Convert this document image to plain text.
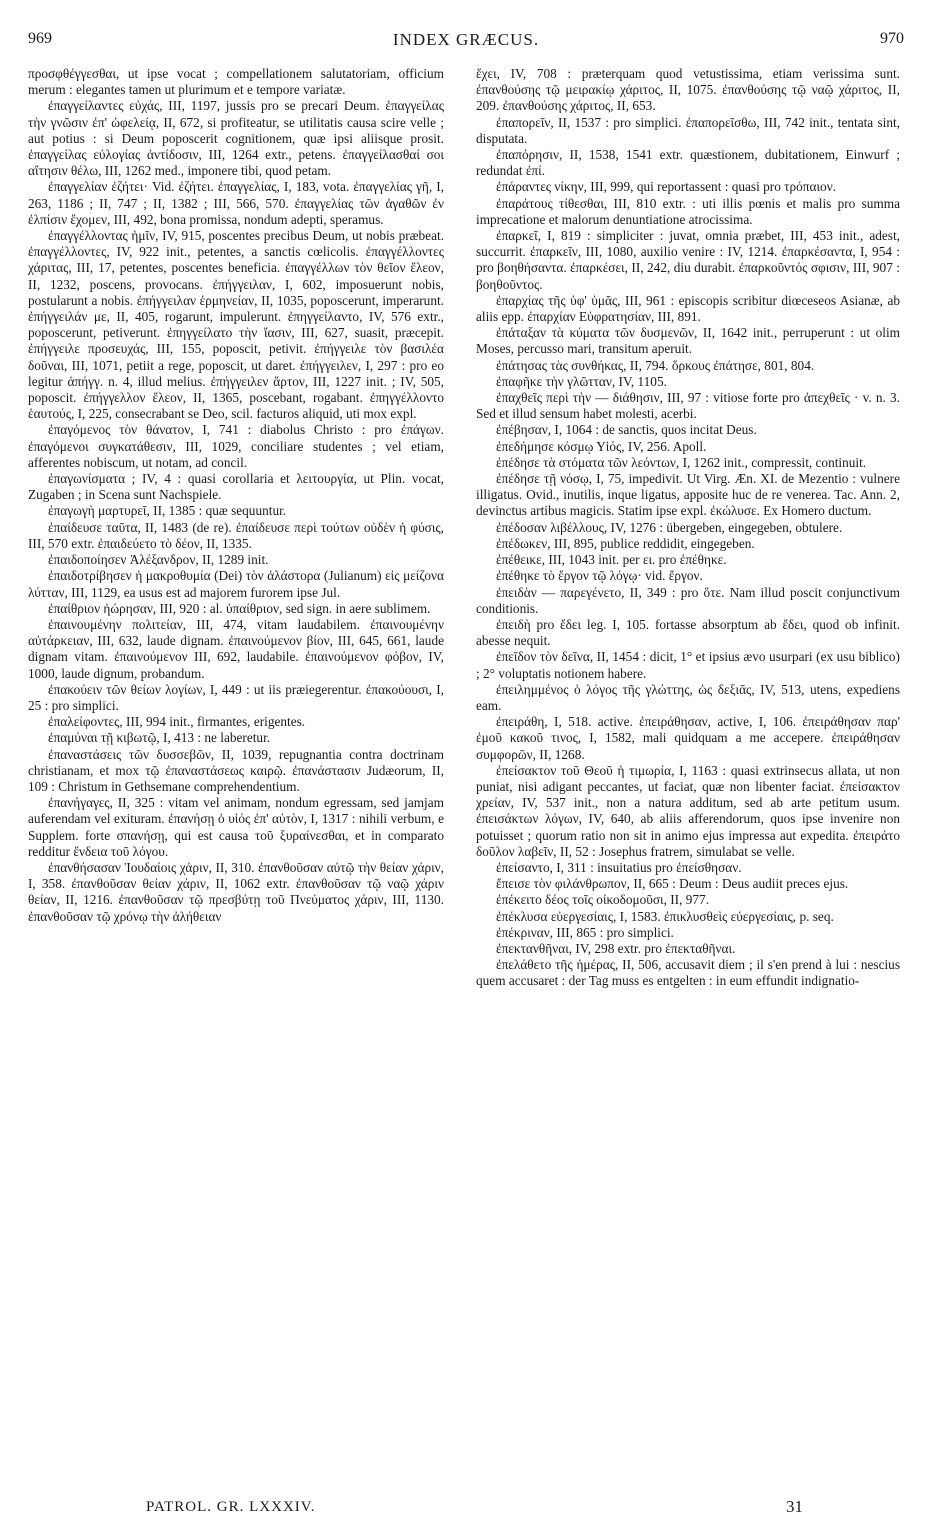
969	INDEX GRÆCUS.	970

προσφθέγγεσθαι, ut ipse vocat ; compellationem salutatoriam, officium merum : elegantes tamen ut plurimum et e tempore variatæ.

ἐπαγγείλαντες εὐχάς, III, 1197, jussis pro se precari Deum. ἐπαγγείλας τὴν γνῶσιν ἐπ' ὠφελείᾳ, II, 672, si profiteatur, se utilitatis causa scire velle ; aut potius : si Deum poposcerit cognitionem, quæ ipsi aliisque prosit. ἐπαγγείλας εὐλογίας ἀντίδοσιν, III, 1264 extr., petens. ἐπαγγείλασθαί σοι αἴτησιν θέλω, III, 1262 med., imponere tibi, quod petam.

ἐπαγγελίαν ἐζήτει· Vid. ἐζήτει. ἐπαγγελίας, I, 183, vota. ἐπαγγελίας γῆ, I, 263, 1186 ; II, 747 ; II, 1382 ; III, 566, 570. ἐπαγγελίας τῶν ἀγαθῶν ἐν ἐλπίσιν ἔχομεν, III, 492, bona promissa, nondum adepti, speramus.

ἐπαγγέλλοντας ἡμῖν, IV, 915, poscentes precibus Deum, ut nobis præbeat. ἐπαγγέλλοντες, IV, 922 init., petentes, a sanctis cœlicolis. ἐπαγγέλλοντες χάριτας, III, 17, petentes, poscentes beneficia. ἐπαγγέλλων τὸν θεῖον ἔλεον, II, 1232, poscens, provocans. ἐπήγγειλαν, I, 602, imposuerunt nobis, postularunt a nobis. ἐπήγγειλαν ἑρμηνείαν, II, 1035, poposcerunt, imperarunt. ἐπήγγειλάν με, II, 405, rogarunt, impulerunt. ἐπηγγείλαντο, IV, 576 extr., poposcerunt, petiverunt. ἐπηγγείλατο τὴν ἴασιν, III, 627, suasit, præcepit. ἐπήγγειλε προσευχάς, III, 155, poposcit, petivit. ἐπήγγειλε τὸν βασιλέα δοῦναι, III, 1071, petiit a rege, poposcit, ut daret. ἐπήγγειλεν, I, 297 : pro eo legitur ἀπήγγ. n. 4, illud melius. ἐπήγγειλεν ἄρτον, III, 1227 init. ; IV, 505, poposcit. ἐπήγγελλον ἔλεον, II, 1365, poscebant, rogabant. ἐπηγγέλλοντο ἑαυτούς, I, 225, consecrabant se Deo, scil. facturos aliquid, uti mox expl.

ἐπαγόμενος τὸν θάνατον, I, 741 : diabolus Christo : pro ἐπάγων. ἐπαγόμενοι συγκατάθεσιν, III, 1029, conciliare studentes ; vel etiam, afferentes nobiscum, ut notam, ad concil.

ἐπαγωνίσματα ; IV, 4 : quasi corollaria et λειτουργία, ut Plin. vocat, Zugaben ; in Scena sunt Nachspiele.

ἐπαγωγὴ μαρτυρεῖ, II, 1385 : quæ sequuntur.

ἐπαίδευσε ταῦτα, II, 1483 (de re). ἐπαίδευσε περὶ τούτων οὐδὲν ἡ φύσις, III, 570 extr. ἐπαιδεύετο τὸ δέον, II, 1335.

ἐπαιδοποίησεν Ἀλέξανδρον, II, 1289 init.

ἐπαιδοτρίβησεν ἡ μακροθυμία (Dei) τὸν ἀλάστορα (Julianum) εἰς μείζονα λύτταν, III, 1129, ea usus est ad majorem furorem ipse Jul.

ἐπαίθριον ἠώρησαν, III, 920 : al. ὑπαίθριον, sed sign. in aere sublimem.

ἐπαινουμένην πολιτείαν, III, 474, vitam laudabilem. ἐπαινουμένην αὐτάρκειαν, III, 632, laude dignam. ἐπαινούμενον βίον, III, 645, 661, laude dignam vitam. ἐπαινούμενον III, 692, laudabile. ἐπαινούμενον φόβον, IV, 1000, laude dignum, probandum.

ἐπακούειν τῶν θείων λογίων, I, 449 : ut iis præiegerentur. ἐπακούουσι, I, 25 : pro simplici.

ἐπαλείφοντες, III, 994 init., firmantes, erigentes.

ἐπαμύναι τῇ κιβωτῷ, I, 413 : ne laberetur.

ἐπαναστάσεις τῶν δυσσεβῶν, II, 1039, repugnantia contra doctrinam christianam, et mox τῷ ἐπαναστάσεως καιρῷ. ἐπανάστασιν Judæorum, II, 109 : Christum in Gethsemane comprehendentium.

ἐπανήγαγες, II, 325 : vitam vel animam, nondum egressam, sed jamjam auferendam vel exituram. ἐπανήσῃ ὁ υἱός ἐπ' αὐτὸν, I, 1317 : nihili verbum, e Supplem. forte σπανήσῃ, qui est causa τοῦ ξυραίνεσθαι, et in comparato redditur ἔνδεια τοῦ λόγου.

ἐπανθήσασαν Ἰουδαίοις χάριν, II, 310. ἐπανθοῦσαν αὐτῷ τὴν θείαν χάριν, I, 358. ἐπανθοῦσαν θείαν χάριν, II, 1062 extr. ἐπανθοῦσαν τῷ ναῷ χάριν θείαν, II, 1216. ἐπανθοῦσαν τῷ πρεσβύτῃ τοῦ Πνεύματος χάριν, III, 1130. ἐπανθοῦσαν τῷ χρόνῳ τὴν ἀλήθειαν

ἔχει, IV, 708 : præterquam quod vetustissima, etiam verissima sunt. ἐπανθούσης τῷ μειρακίῳ χάριτος, II, 1075. ἐπανθούσης τῷ ναῷ χάριτος, II, 209. ἐπανθούσης χάριτος, II, 653.

ἐπαπορεῖν, II, 1537 : pro simplici. ἐπαπορεῖσθω, III, 742 init., tentata sint, disputata.

ἐπαπόρησιν, II, 1538, 1541 extr. quæstionem, dubitationem, Einwurf ; redundat ἐπί.

ἐπάραντες νίκην, III, 999, qui reportassent : quasi pro τρόπαιον.

ἐπαράτους τίθεσθαι, III, 810 extr. : uti illis pœnis et malis pro summa imprecatione et malorum denuntiatione atrocissima.

ἐπαρκεῖ, I, 819 : simpliciter : juvat, omnia præbet, III, 453 init., adest, succurrit. ἐπαρκεῖν, III, 1080, auxilio venire : IV, 1214. ἐπαρκέσαντα, I, 954 : pro βοηθήσαντα. ἐπαρκέσει, II, 242, diu durabit. ἐπαρκοῦντός σφισιν, III, 907 : βοηθοῦντος.

ἐπαρχίας τῆς ὑφ' ὑμᾶς, III, 961 : episcopis scribitur diœceseos Asianæ, ab aliis epp. ἐπαρχίαν Εὐφρατησίαν, III, 891.

ἐπάταξαν τὰ κύματα τῶν δυσμενῶν, II, 1642 init., perruperunt : ut olim Moses, percusso mari, transitum aperuit.

ἐπάτησας τὰς συνθήκας, II, 794. ὅρκους ἐπάτησε, 801, 804.

ἐπαφῆκε τὴν γλῶτταν, IV, 1105.

ἐπαχθεῖς περὶ τὴν — διάθησιν, III, 97 : vitiose forte pro ἀπεχθεῖς · v. n. 3. Sed et illud sensum habet molesti, acerbi.

ἐπέβησαν, I, 1064 : de sanctis, quos incitat Deus.

ἐπεδήμησε κόσμῳ Υἱός, IV, 256. Apoll.

ἐπέδησε τὰ στόματα τῶν λεόντων, I, 1262 init., compressit, continuit.

ἐπέδησε τῇ νόσῳ, I, 75, impedivit. Ut Virg. Æn. XI. de Mezentio : vulnere illigatus. Ovid., inutilis, inque ligatus, apposite huc de re venerea. Tac. Ann. 2, devinctus artibus magicis. Statim ipse expl. ἐκώλυσε. Ex Homero ductum.

ἐπέδοσαν λιβέλλους, IV, 1276 : übergeben, eingegeben, obtulere.

ἐπέδωκεν, III, 895, publice reddidit, eingegeben.

ἐπέθεικε, III, 1043 init. per ει. pro ἐπέθηκε.

ἐπέθηκε τὸ ἔργον τῷ λόγῳ· vid. ἔργον.

ἐπειδὰν — παρεγένετο, II, 349 : pro ὅτε. Nam illud poscit conjunctivum conditionis.

ἐπειδὴ pro ἔδει leg. I, 105. fortasse absorptum ab ἔδει, quod ob infinit. abesse nequit.

ἐπεῖδον τὸν δεῖνα, II, 1454 : dicit, 1° et ipsius ævo usurpari (ex usu biblico) ; 2° voluptatis notionem habere.

ἐπειλημμένος ὁ λόγος τῆς γλώττης, ὡς δεξιᾶς, IV, 513, utens, expediens eam.

ἐπειράθη, I, 518. active. ἐπειράθησαν, active, I, 106. ἐπειράθησαν παρ' ἐμοῦ κακοῦ τινος, I, 1582, mali quidquam a me accepere. ἐπειράθησαν συμφορῶν, II, 1268.

ἐπείσακτον τοῦ Θεοῦ ἡ τιμωρία, I, 1163 : quasi extrinsecus allata, ut non puniat, nisi adigant peccantes, ut faciat, quæ non libenter faciat. ἐπείσακτον χρείαν, IV, 537 init., non a natura additum, sed ab arte petitum usum. ἐπεισάκτων λόγων, IV, 640, ab aliis afferendorum, quos ipse invenire non potuisset ; quorum ratio non sit in animo ejus impressa aut expedita. ἐπειράτο δοῦλον λαβεῖν, II, 52 : Josephus fratrem, simulabat se velle.

ἐπείσαντο, I, 311 : insuitatius pro ἐπείσθησαν.

ἔπεισε τὸν φιλάνθρωπον, II, 665 : Deum : Deus audiit preces ejus.

ἐπέκειτο δέος τοῖς οἰκοδομοῦσι, II, 977.

ἐπέκλυσα εὐεργεσίαις, I, 1583. ἐπικλυσθεὶς εὐεργεσίαις, p. seq.

ἐπέκριναν, III, 865 : pro simplici.

ἐπεκτανθῆναι, IV, 298 extr. pro ἐπεκταθῆναι.

ἐπελάθετο τῆς ἡμέρας, II, 506, accusavit diem ; il s'en prend à lui : nescius quem accusaret : der Tag muss es entgelten : in eum effundit indignatio-

PATROL. GR. LXXXIV.	31
